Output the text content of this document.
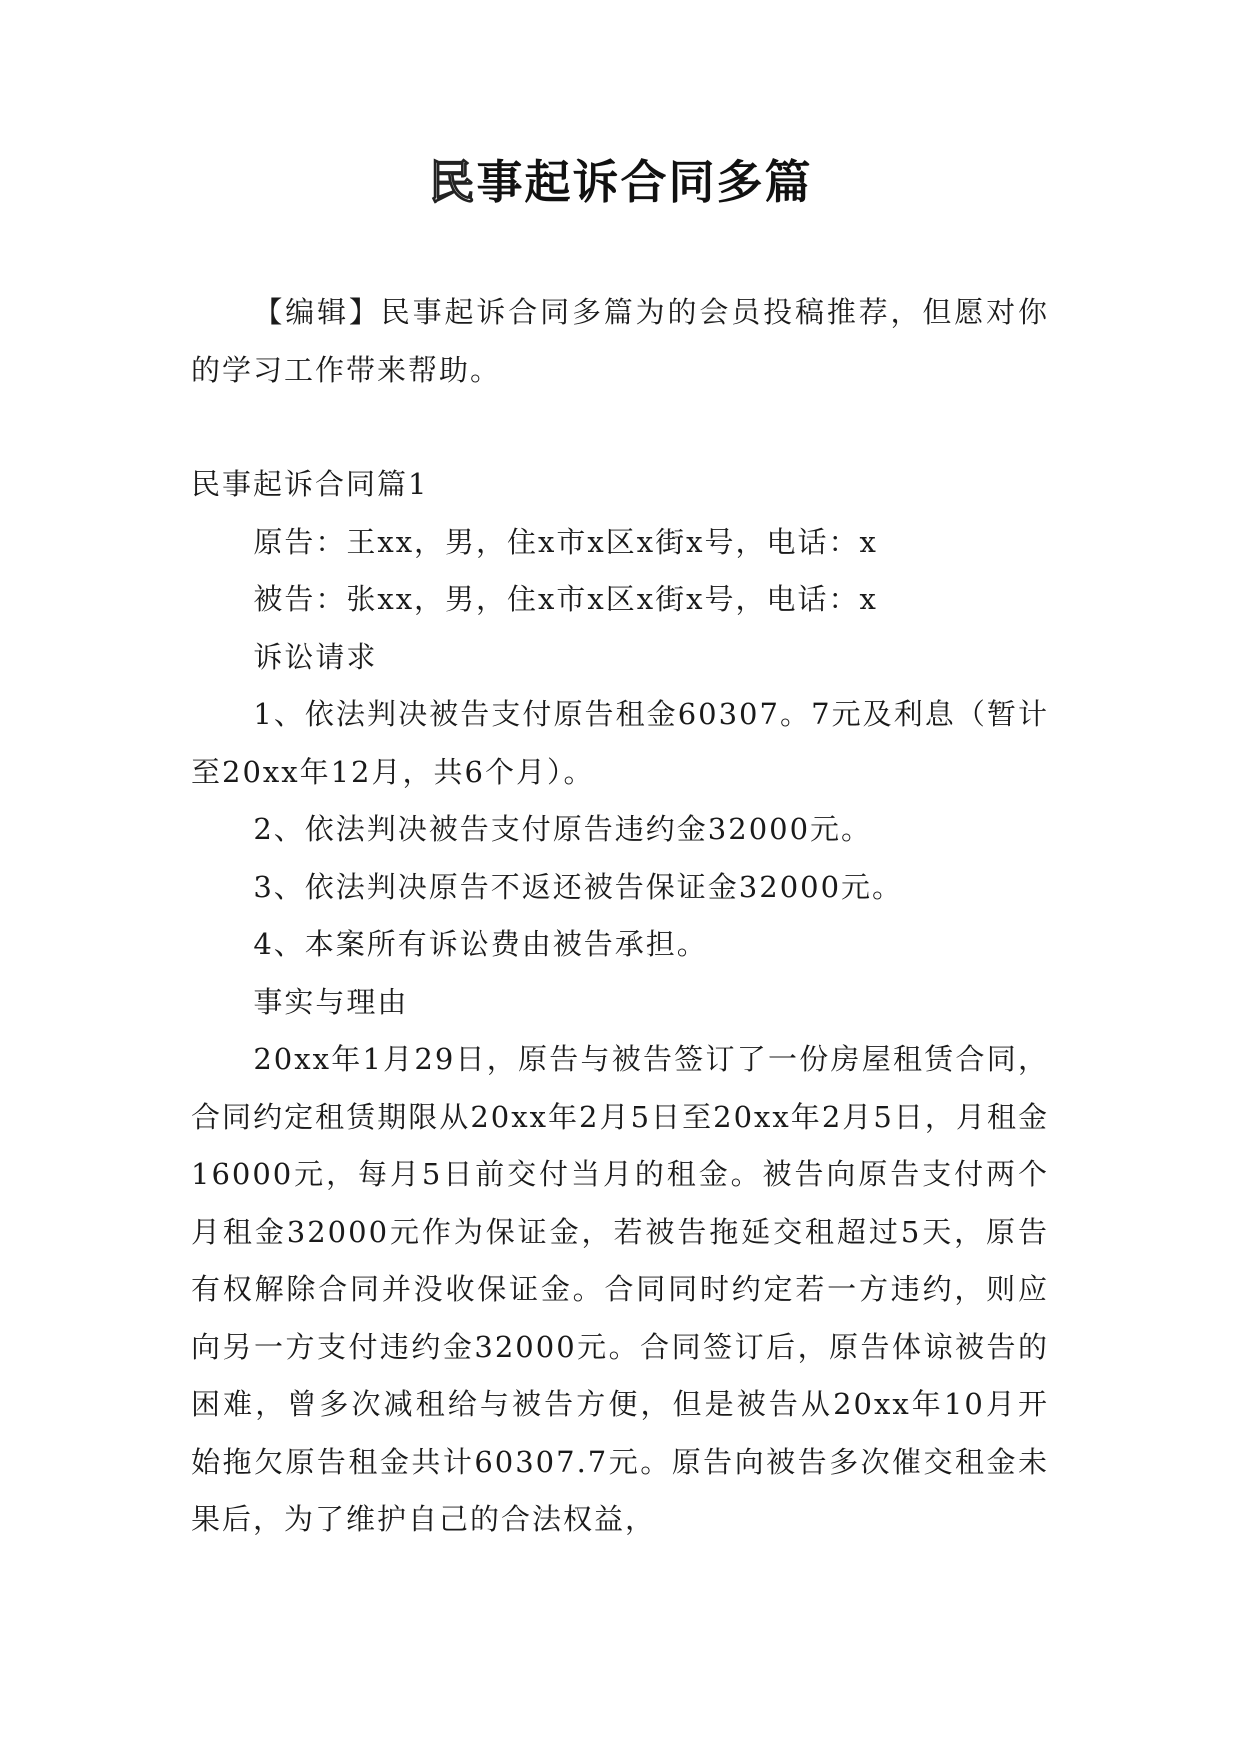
民事起诉合同多篇

【编辑】民事起诉合同多篇为的会员投稿推荐，但愿对你的学习工作带来帮助。

民事起诉合同篇1

原告：王xx，男，住x市x区x街x号，电话：x

被告：张xx，男，住x市x区x街x号，电话：x

诉讼请求

1、依法判决被告支付原告租金60307。7元及利息（暂计至20xx年12月，共6个月）。

2、依法判决被告支付原告违约金32000元。

3、依法判决原告不返还被告保证金32000元。

4、本案所有诉讼费由被告承担。

事实与理由

20xx年1月29日，原告与被告签订了一份房屋租赁合同，合同约定租赁期限从20xx年2月5日至20xx年2月5日，月租金16000元，每月5日前交付当月的租金。被告向原告支付两个月租金32000元作为保证金，若被告拖延交租超过5天，原告有权解除合同并没收保证金。合同同时约定若一方违约，则应向另一方支付违约金32000元。合同签订后，原告体谅被告的困难，曾多次减租给与被告方便，但是被告从20xx年10月开始拖欠原告租金共计60307.7元。原告向被告多次催交租金未果后，为了维护自己的合法权益，
